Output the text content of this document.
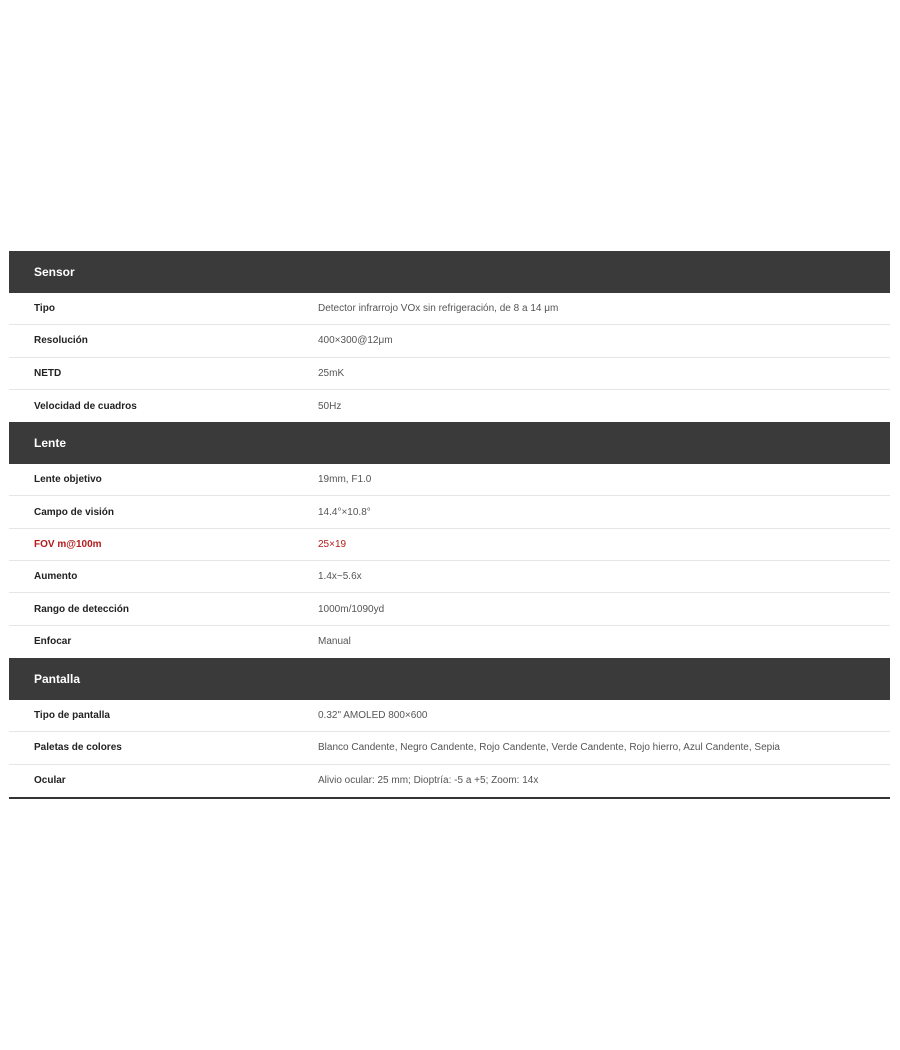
Sensor
Tipo	Detector infrarrojo VOx sin refrigeración, de 8 a 14 μm
Resolución	400×300@12μm
NETD	25mK
Velocidad de cuadros	50Hz
Lente
Lente objetivo	19mm, F1.0
Campo de visión	14.4°×10.8°
FOV m@100m	25×19
Aumento	1.4x~5.6x
Rango de detección	1000m/1090yd
Enfocar	Manual
Pantalla
Tipo de pantalla	0.32" AMOLED 800×600
Paletas de colores	Blanco Candente, Negro Candente, Rojo Candente, Verde Candente, Rojo hierro, Azul Candente, Sepia
Ocular	Alivio ocular: 25 mm; Dioptría: -5 a +5; Zoom: 14x
